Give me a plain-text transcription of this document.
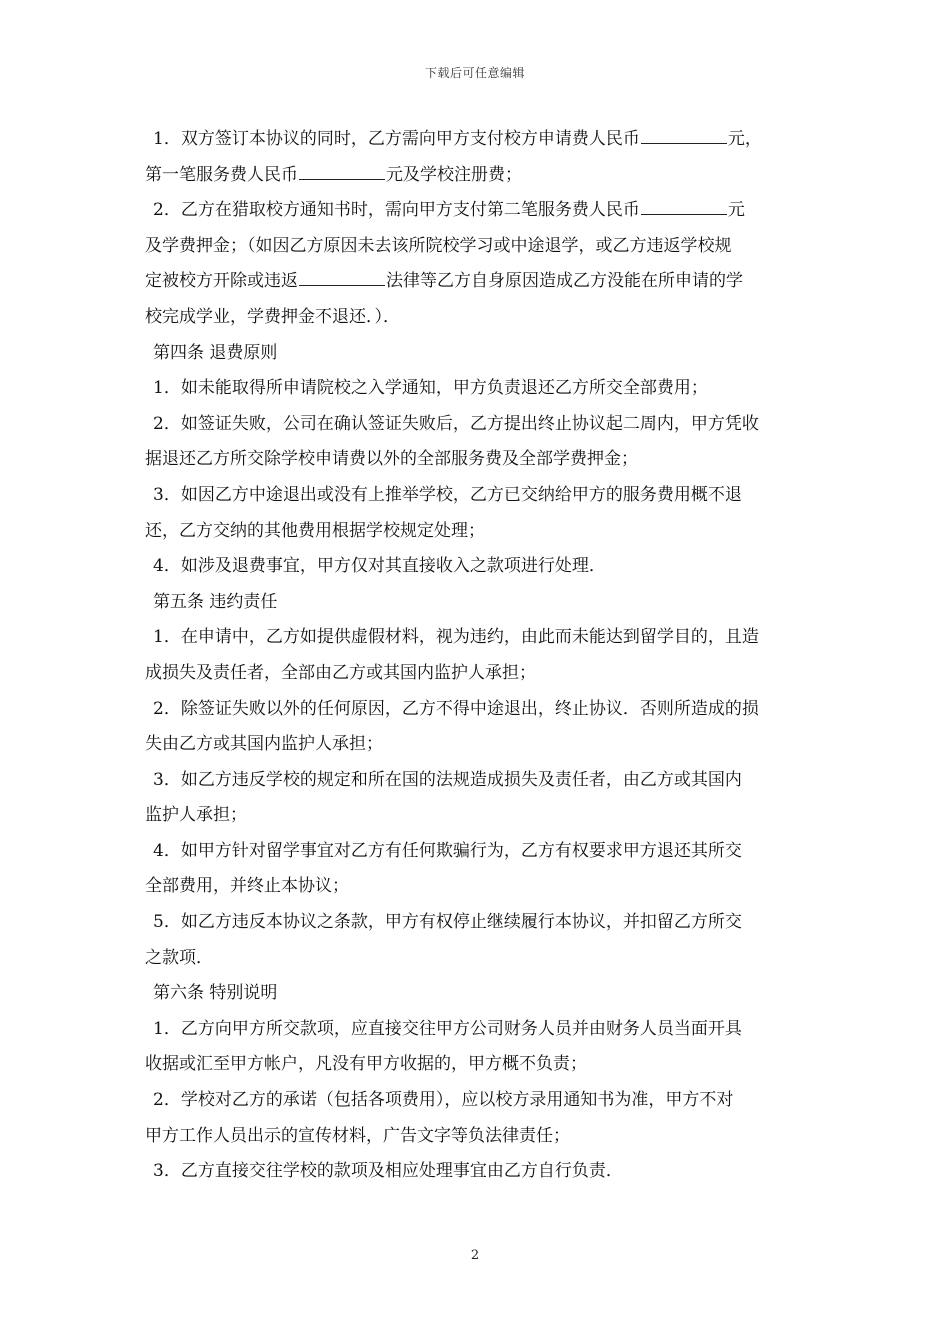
下载后可任意编辑
1．双方签订本协议的同时，乙方需向甲方支付校方申请费人民币	元，
第一笔服务费人民币	元及学校注册费；
2．乙方在猎取校方通知书时，需向甲方支付第二笔服务费人民币	元
及学费押金；（如因乙方原因未去该所院校学习或中途退学，或乙方违返学校规
定被校方开除或违返	法律等乙方自身原因造成乙方没能在所申请的学
校完成学业，学费押金不退还．）．
第四条 退费原则
1．如未能取得所申请院校之入学通知，甲方负责退还乙方所交全部费用；
2．如签证失败，公司在确认签证失败后，乙方提出终止协议起二周内，甲方凭收
据退还乙方所交除学校申请费以外的全部服务费及全部学费押金；
3．如因乙方中途退出或没有上推举学校，乙方已交纳给甲方的服务费用概不退
还，乙方交纳的其他费用根据学校规定处理；
4．如涉及退费事宜，甲方仅对其直接收入之款项进行处理．
第五条 违约责任
1．在申请中，乙方如提供虚假材料，视为违约，由此而未能达到留学目的，且造
成损失及责任者，全部由乙方或其国内监护人承担；
2．除签证失败以外的任何原因，乙方不得中途退出，终止协议．否则所造成的损
失由乙方或其国内监护人承担；
3．如乙方违反学校的规定和所在国的法规造成损失及责任者，由乙方或其国内
监护人承担；
4．如甲方针对留学事宜对乙方有任何欺骗行为，乙方有权要求甲方退还其所交
全部费用，并终止本协议；
5．如乙方违反本协议之条款，甲方有权停止继续履行本协议，并扣留乙方所交
之款项．
第六条 特别说明
1．乙方向甲方所交款项，应直接交往甲方公司财务人员并由财务人员当面开具
收据或汇至甲方帐户，凡没有甲方收据的，甲方概不负责；
2．学校对乙方的承诺（包括各项费用），应以校方录用通知书为准，甲方不对
甲方工作人员出示的宣传材料，广告文字等负法律责任；
3．乙方直接交往学校的款项及相应处理事宜由乙方自行负责．
2
